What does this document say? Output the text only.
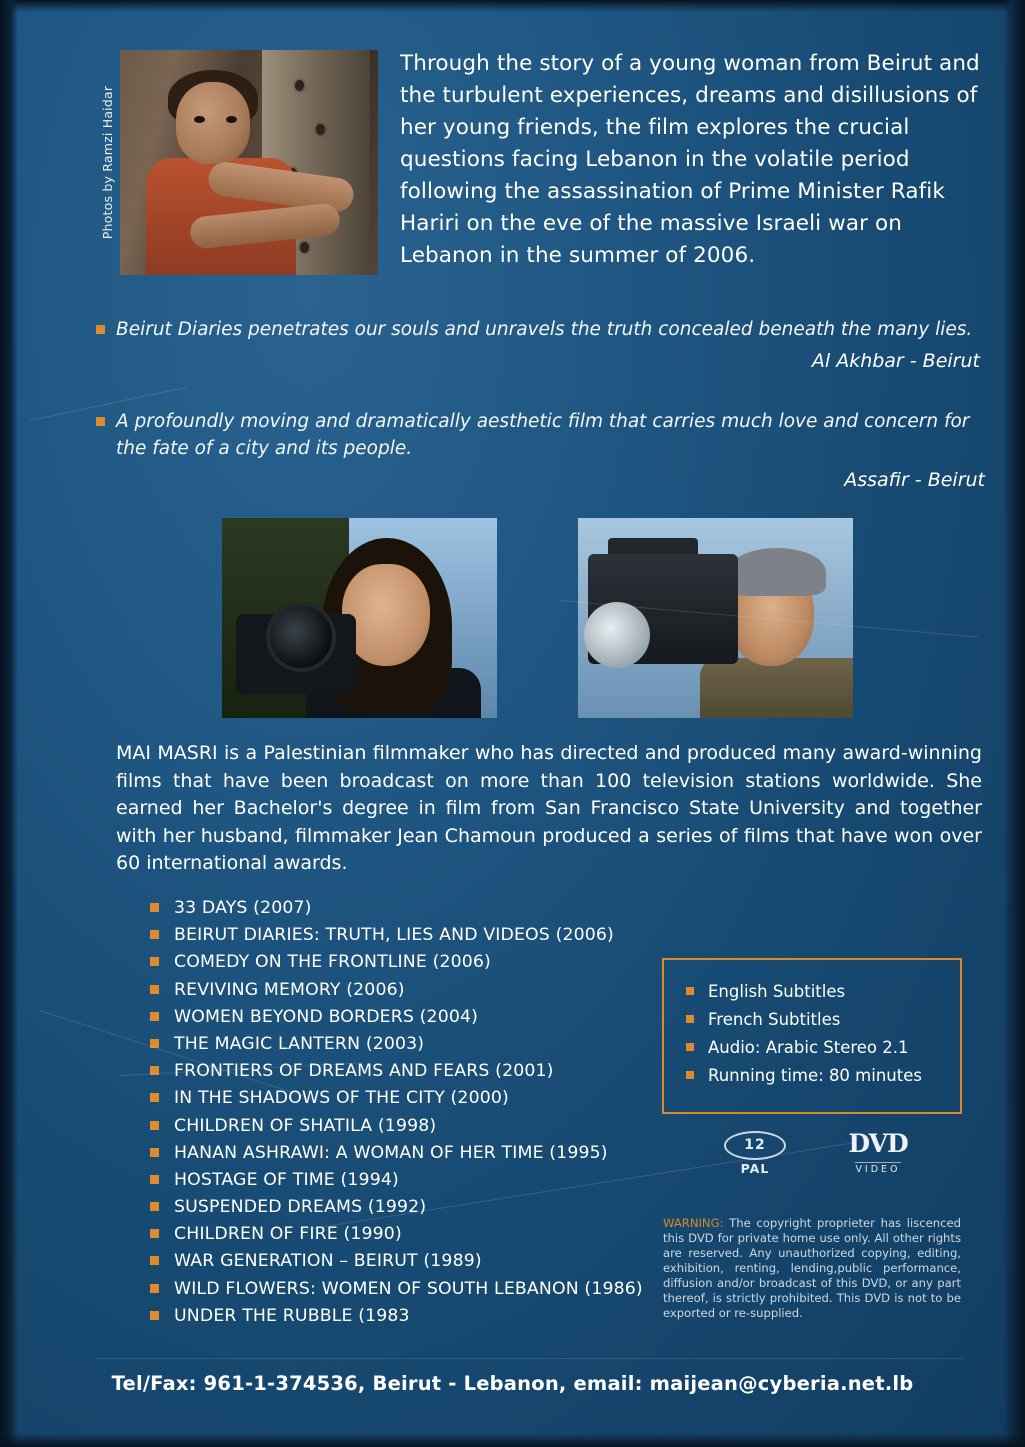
Photos by Ramzi Haidar
Through the story of a young woman from Beirut and the turbulent experiences, dreams and disillusions of her young friends, the film explores the crucial questions facing Lebanon in the volatile period following the assassination of Prime Minister Rafik Hariri on the eve of the massive Israeli war on Lebanon in the summer of 2006.
Beirut Diaries penetrates our souls and unravels the truth concealed beneath the many lies.
Al Akhbar - Beirut
A profoundly moving and dramatically aesthetic film that carries much love and concern for the fate of a city and its people.
Assafir - Beirut
MAI MASRI is a Palestinian filmmaker who has directed and produced many award-winning films that have been broadcast on more than 100 television stations worldwide. She earned her Bachelor's degree in film from San Francisco State University and together with her husband, filmmaker Jean Chamoun produced a series of films that have won over 60 international awards.
33 DAYS (2007)
BEIRUT DIARIES: TRUTH, LIES AND VIDEOS (2006)
COMEDY ON THE FRONTLINE (2006)
REVIVING MEMORY (2006)
WOMEN BEYOND BORDERS (2004)
THE MAGIC LANTERN (2003)
FRONTIERS OF DREAMS AND FEARS (2001)
IN THE SHADOWS OF THE CITY (2000)
CHILDREN OF SHATILA (1998)
HANAN ASHRAWI: A WOMAN OF HER TIME (1995)
HOSTAGE OF TIME (1994)
SUSPENDED DREAMS (1992)
CHILDREN OF FIRE (1990)
WAR GENERATION – BEIRUT (1989)
WILD FLOWERS: WOMEN OF SOUTH LEBANON (1986)
UNDER THE RUBBLE (1983
English Subtitles
French Subtitles
Audio: Arabic Stereo 2.1
Running time: 80 minutes
12
PAL
DVD
VIDEO
WARNING: The copyright proprieter has liscenced this DVD for private home use only. All other rights are reserved. Any unauthorized copying, editing, exhibition, renting, lending,public performance, diffusion and/or broadcast of this DVD, or any part thereof, is strictly prohibited. This DVD is not to be exported or re-supplied.
Tel/Fax: 961-1-374536, Beirut - Lebanon, email: maijean@cyberia.net.lb
